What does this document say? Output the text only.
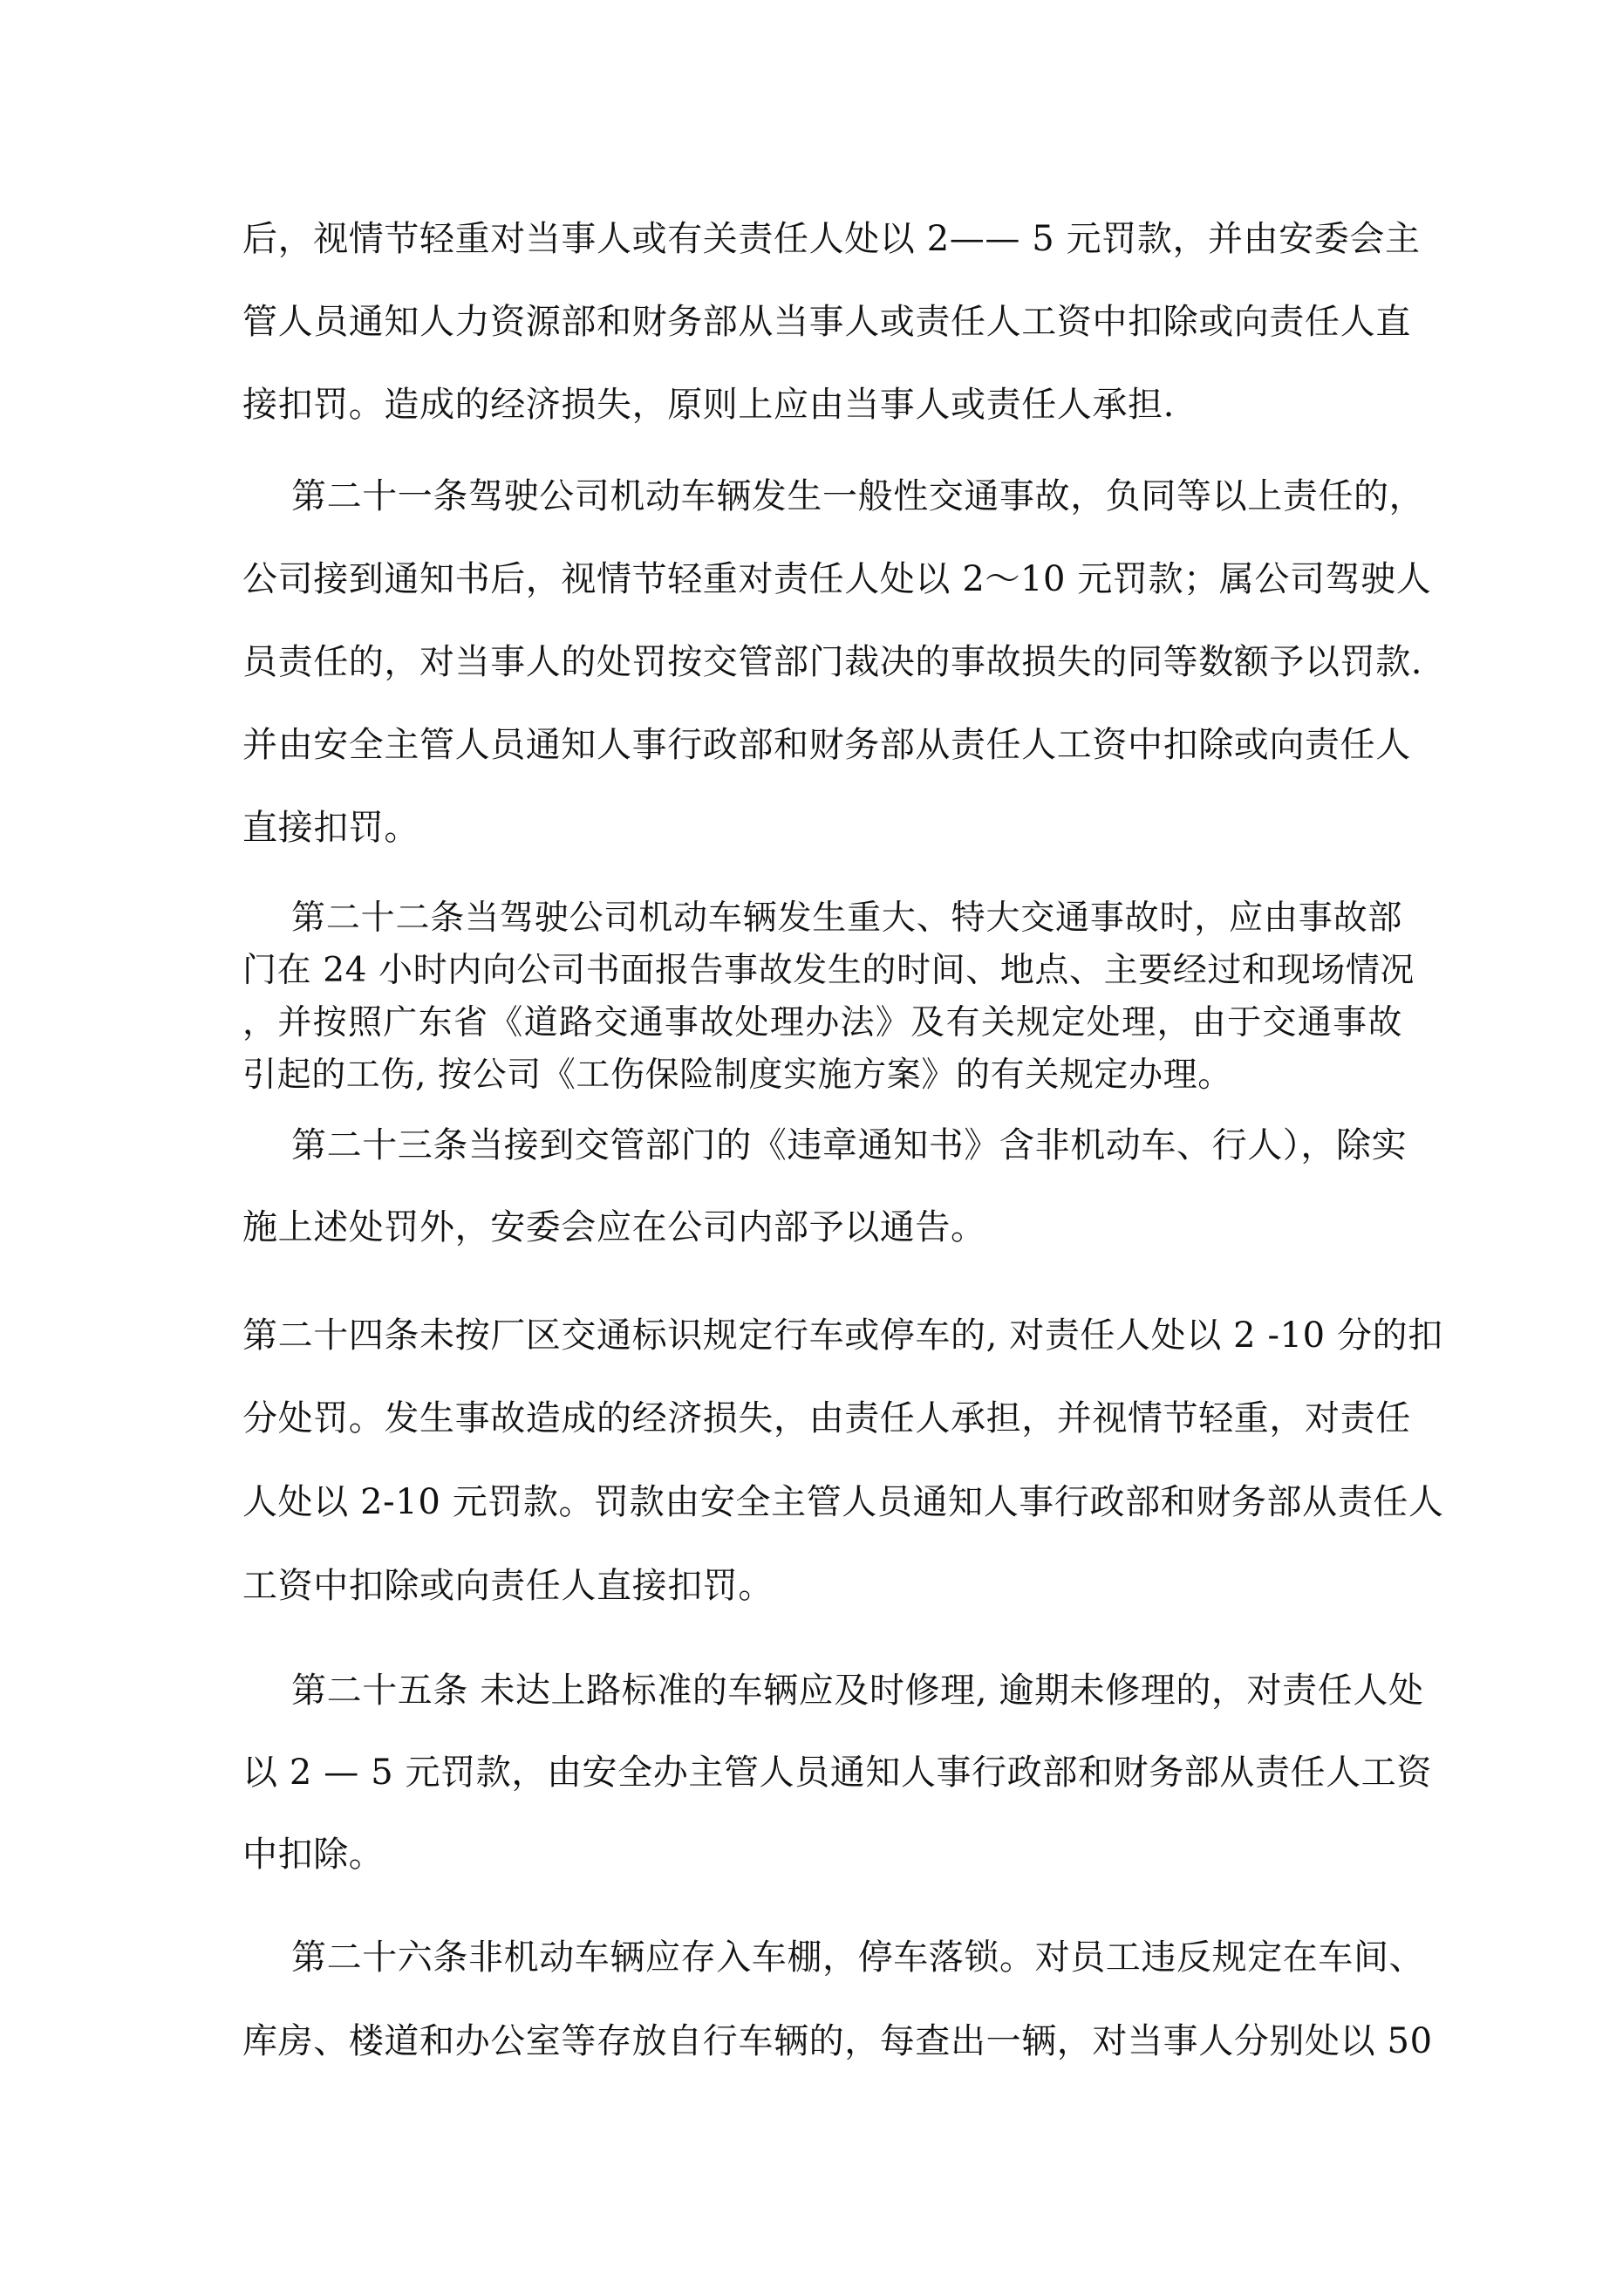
后，视情节轻重对当事人或有关责任人处以 2—— 5 元罚款，并由安委会主
管人员通知人力资源部和财务部从当事人或责任人工资中扣除或向责任人直
接扣罚。造成的经济损失，原则上应由当事人或责任人承担.
第二十一条驾驶公司机动车辆发生一般性交通事故，负同等以上责任的，
公司接到通知书后，视情节轻重对责任人处以 2〜10 元罚款；属公司驾驶人
员责任的，对当事人的处罚按交管部门裁决的事故损失的同等数额予以罚款.
并由安全主管人员通知人事行政部和财务部从责任人工资中扣除或向责任人
直接扣罚。
第二十二条当驾驶公司机动车辆发生重大、特大交通事故时，应由事故部
门在 24 小时内向公司书面报告事故发生的时间、地点、主要经过和现场情况
，并按照广东省《道路交通事故处理办法》及有关规定处理，由于交通事故
引起的工伤, 按公司《工伤保险制度实施方案》的有关规定办理。
第二十三条当接到交管部门的《违章通知书》含非机动车、行人），除实
施上述处罚外，安委会应在公司内部予以通告。
第二十四条未按厂区交通标识规定行车或停车的, 对责任人处以 2 -10 分的扣
分处罚。发生事故造成的经济损失，由责任人承担，并视情节轻重，对责任
人处以 2-10 元罚款。罚款由安全主管人员通知人事行政部和财务部从责任人
工资中扣除或向责任人直接扣罚。
第二十五条 未达上路标准的车辆应及时修理, 逾期未修理的，对责任人处
以 2 — 5 元罚款，由安全办主管人员通知人事行政部和财务部从责任人工资
中扣除。
第二十六条非机动车辆应存入车棚，停车落锁。对员工违反规定在车间、
库房、楼道和办公室等存放自行车辆的，每查出一辆，对当事人分别处以 50
